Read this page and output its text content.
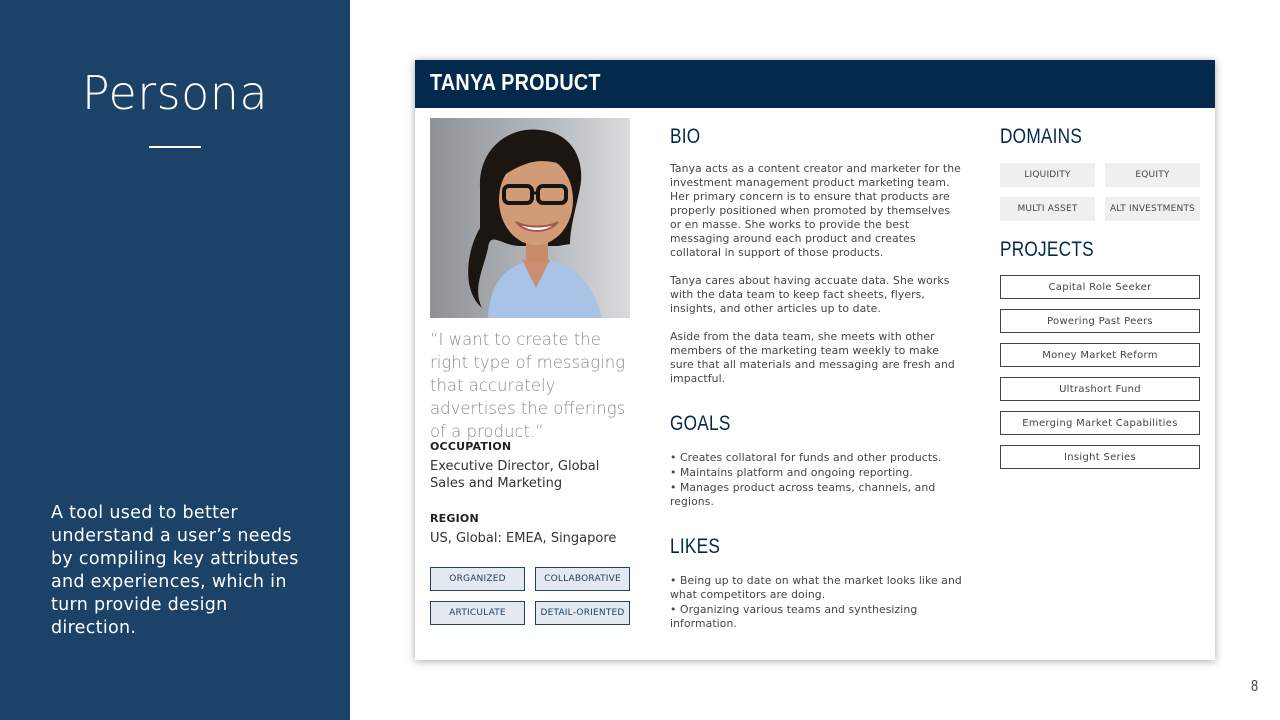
Persona
A tool used to better understand a user’s needs by compiling key attributes and experiences, which in turn provide design direction.
TANYA PRODUCT
“I want to create the right type of messaging that accurately advertises the offerings of a product.”
OCCUPATION
Executive Director, Global Sales and Marketing
REGION
US, Global: EMEA, Singapore
ORGANIZED	COLLABORATIVE
ARTICULATE	DETAIL-ORIENTED
BIO

Tanya acts as a content creator and marketer for the investment management product marketing team. Her primary concern is to ensure that products are properly positioned when promoted by themselves or en masse. She works to provide the best messaging around each product and creates collatoral in support of those products.

Tanya cares about having accuate data. She works with the data team to keep fact sheets, flyers, insights, and other articles up to date.

Aside from the data team, she meets with other members of the marketing team weekly to make sure that all materials and messaging are fresh and impactful.

GOALS
• Creates collatoral for funds and other products.
• Maintains platform and ongoing reporting.
• Manages product across teams, channels, and regions.
LIKES
• Being up to date on what the market looks like and what competitors are doing.
• Organizing various teams and synthesizing information.
DOMAINS
LIQUIDITY	EQUITY
MULTI ASSET	ALT INVESTMENTS
PROJECTS
Capital Role Seeker
Powering Past Peers
Money Market Reform
Ultrashort Fund
Emerging Market Capabilities
Insight Series
8
